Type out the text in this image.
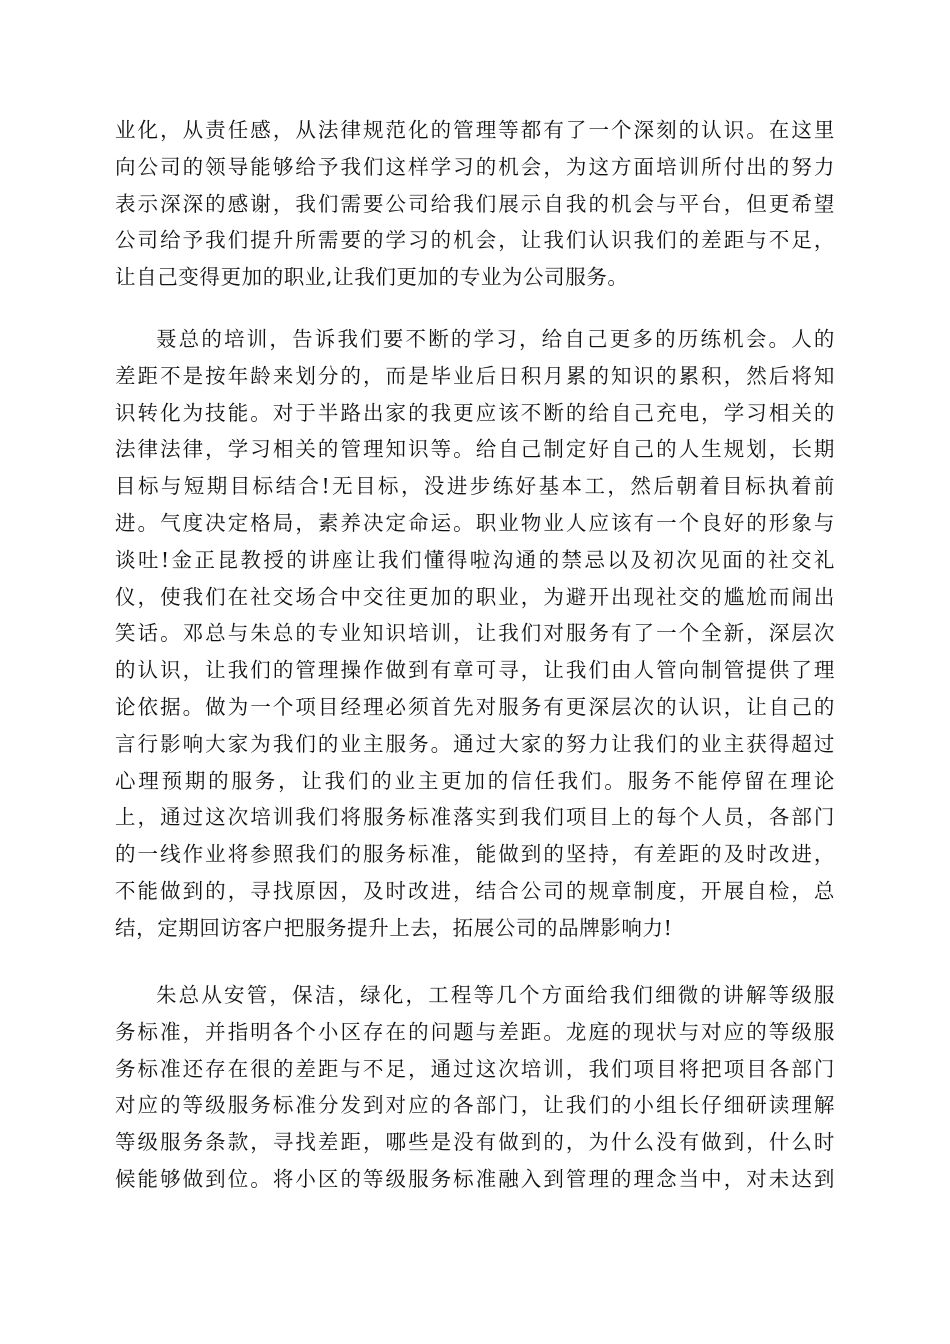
业化，从责任感，从法律规范化的管理等都有了一个深刻的认识。在这里
向公司的领导能够给予我们这样学习的机会，为这方面培训所付出的努力
表示深深的感谢，我们需要公司给我们展示自我的机会与平台，但更希望
公司给予我们提升所需要的学习的机会，让我们认识我们的差距与不足，
让自己变得更加的职业,让我们更加的专业为公司服务。
聂总的培训，告诉我们要不断的学习，给自己更多的历练机会。人的
差距不是按年龄来划分的，而是毕业后日积月累的知识的累积，然后将知
识转化为技能。对于半路出家的我更应该不断的给自己充电，学习相关的
法律法律，学习相关的管理知识等。给自己制定好自己的人生规划，长期
目标与短期目标结合!无目标，没进步练好基本工，然后朝着目标执着前
进。气度决定格局，素养决定命运。职业物业人应该有一个良好的形象与
谈吐!金正昆教授的讲座让我们懂得啦沟通的禁忌以及初次见面的社交礼
仪，使我们在社交场合中交往更加的职业，为避开出现社交的尴尬而闹出
笑话。邓总与朱总的专业知识培训，让我们对服务有了一个全新，深层次
的认识，让我们的管理操作做到有章可寻，让我们由人管向制管提供了理
论依据。做为一个项目经理必须首先对服务有更深层次的认识，让自己的
言行影响大家为我们的业主服务。通过大家的努力让我们的业主获得超过
心理预期的服务，让我们的业主更加的信任我们。服务不能停留在理论
上，通过这次培训我们将服务标准落实到我们项目上的每个人员，各部门
的一线作业将参照我们的服务标准，能做到的坚持，有差距的及时改进，
不能做到的，寻找原因，及时改进，结合公司的规章制度，开展自检，总
结，定期回访客户把服务提升上去，拓展公司的品牌影响力!
朱总从安管，保洁，绿化，工程等几个方面给我们细微的讲解等级服
务标准，并指明各个小区存在的问题与差距。龙庭的现状与对应的等级服
务标准还存在很的差距与不足，通过这次培训，我们项目将把项目各部门
对应的等级服务标准分发到对应的各部门，让我们的小组长仔细研读理解
等级服务条款，寻找差距，哪些是没有做到的，为什么没有做到，什么时
候能够做到位。将小区的等级服务标准融入到管理的理念当中，对未达到
